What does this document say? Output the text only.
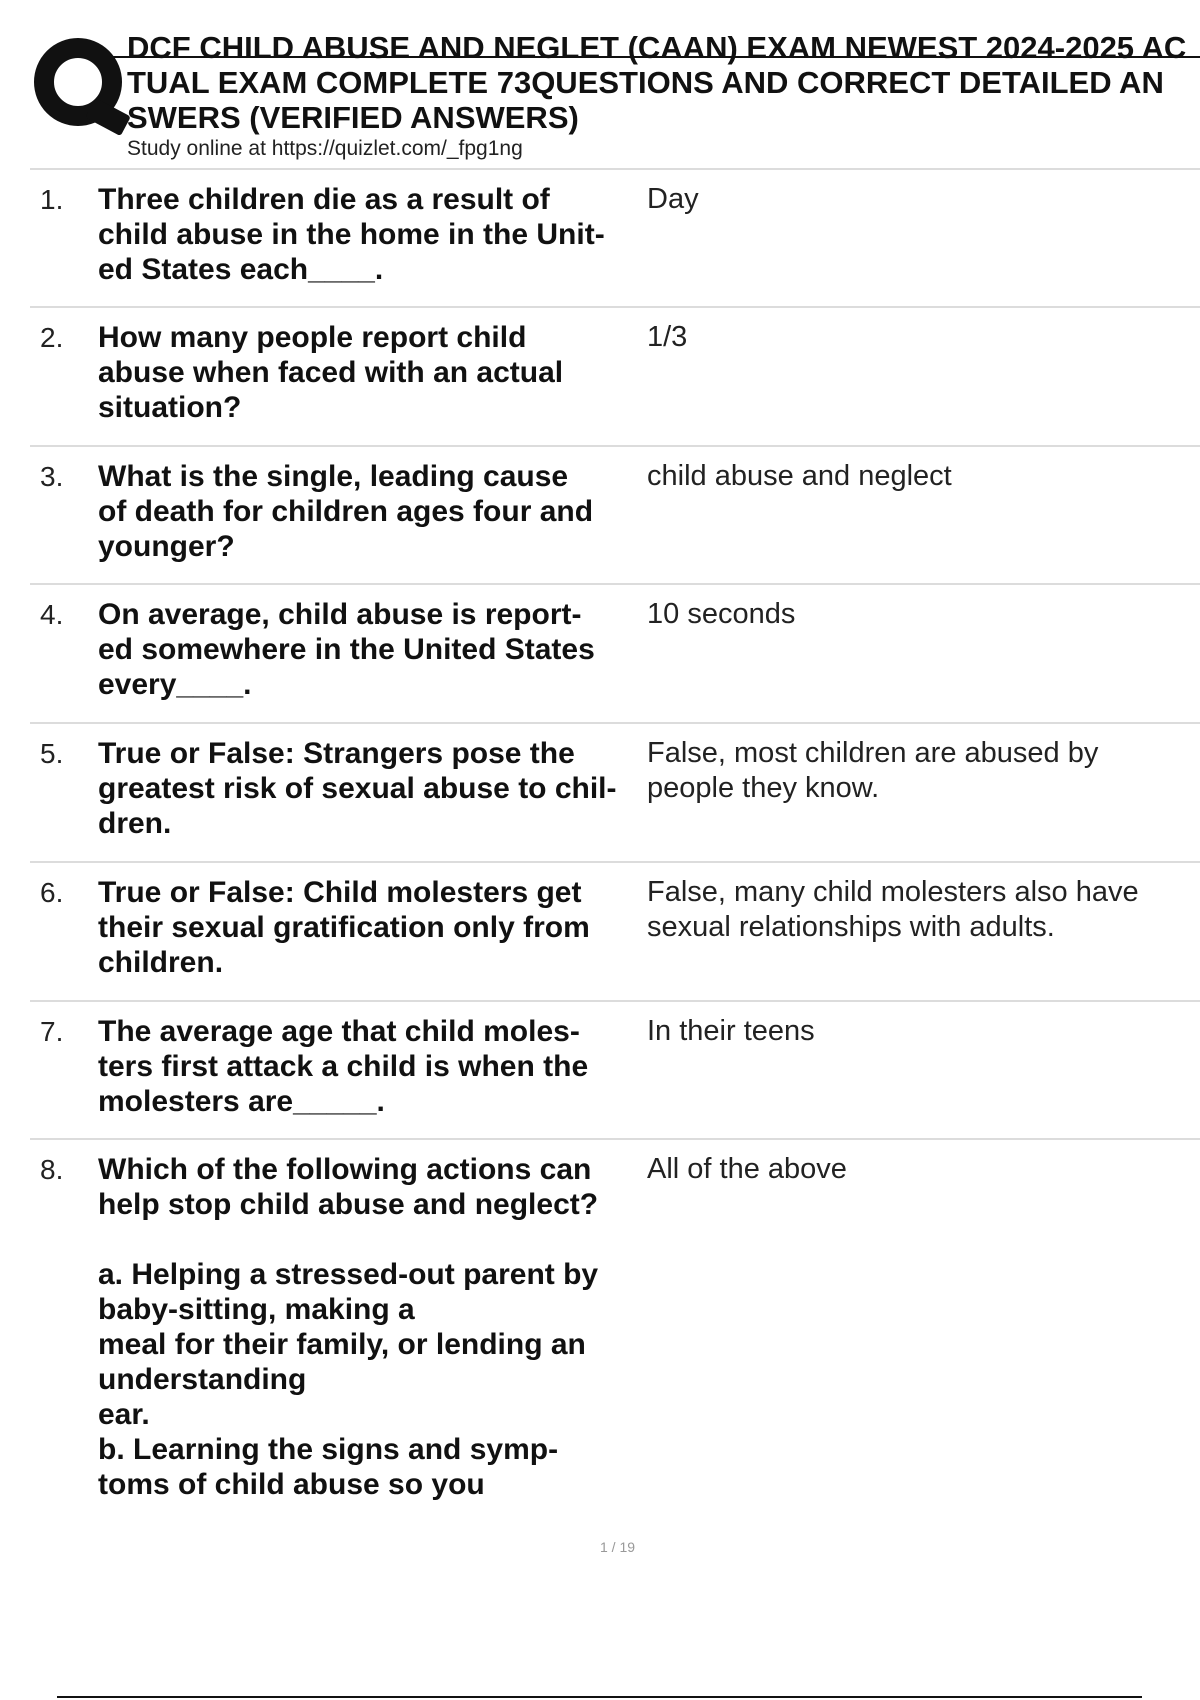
DCF CHILD ABUSE AND NEGLET (CAAN) EXAM NEWEST 2024-2025 AC
TUAL EXAM COMPLETE 73QUESTIONS AND CORRECT DETAILED AN
SWERS (VERIFIED ANSWERS)
Study online at https://quizlet.com/_fpg1ng
1. Three children die as a result of
child abuse in the home in the Unit-
ed States each____.
Day
2. How many people report child
abuse when faced with an actual
situation?
1/3
3. What is the single, leading cause
of death for children ages four and
younger?
child abuse and neglect
4. On average, child abuse is report-
ed somewhere in the United States
every____.
10 seconds
5. True or False: Strangers pose the
greatest risk of sexual abuse to chil-
dren.
False, most children are abused by
people they know.
6. True or False: Child molesters get
their sexual gratification only from
children.
False, many child molesters also have
sexual relationships with adults.
7. The average age that child moles-
ters first attack a child is when the
molesters are_____.
In their teens
8. Which of the following actions can
help stop child abuse and neglect?

a. Helping a stressed-out parent by
baby-sitting, making a
meal for their family, or lending an
understanding
ear.
b. Learning the signs and symp-
toms of child abuse so you
All of the above
1 / 19
